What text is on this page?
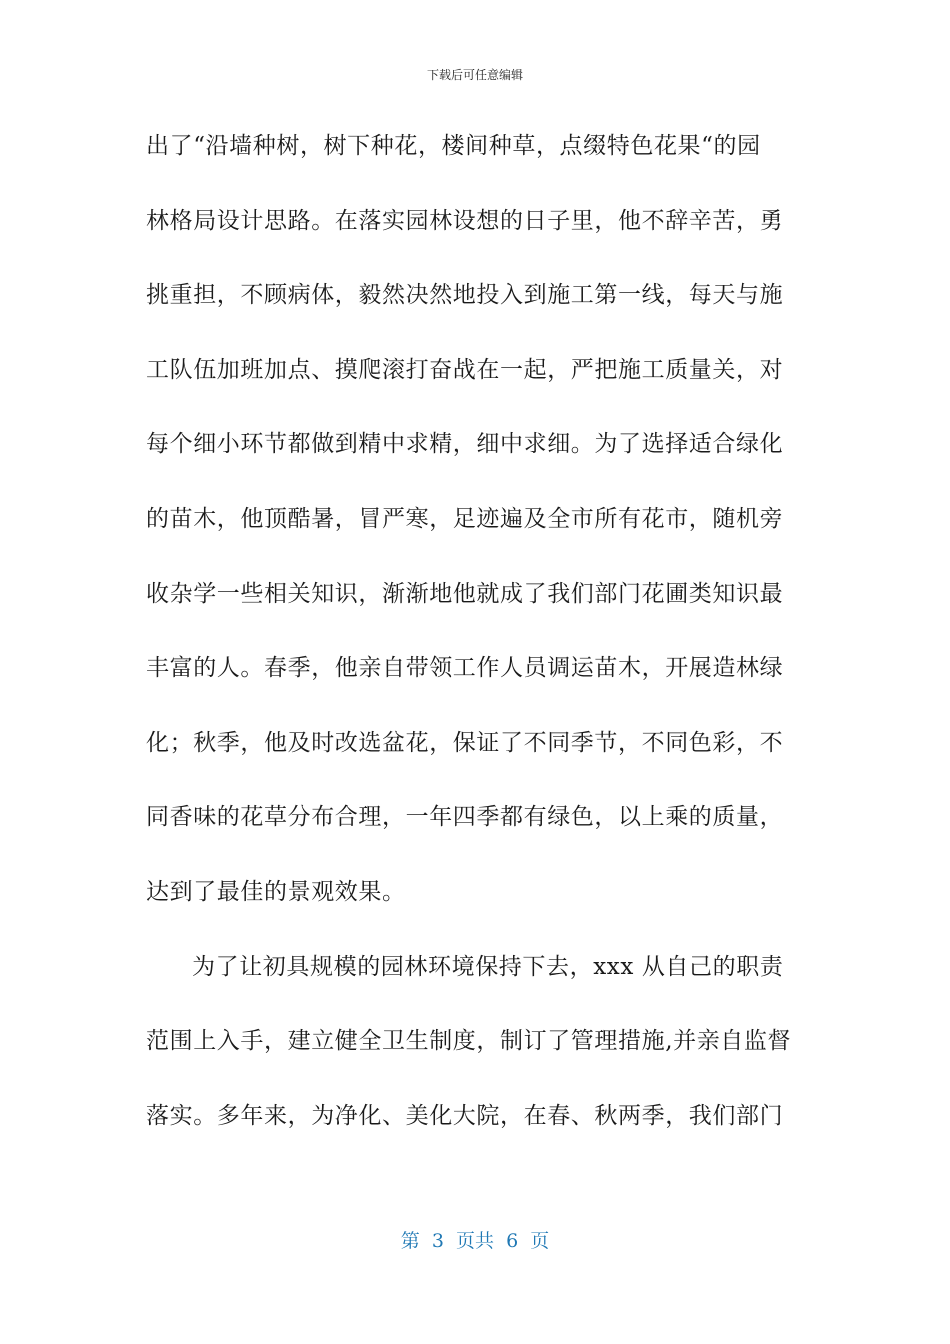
下载后可任意编辑
出了“沿墙种树，树下种花，楼间种草，点缀特色花果“的园
林格局设计思路。在落实园林设想的日子里，他不辞辛苦，勇
挑重担，不顾病体，毅然决然地投入到施工第一线，每天与施
工队伍加班加点、摸爬滚打奋战在一起，严把施工质量关，对
每个细小环节都做到精中求精，细中求细。为了选择适合绿化
的苗木，他顶酷暑，冒严寒，足迹遍及全市所有花市，随机旁
收杂学一些相关知识，渐渐地他就成了我们部门花圃类知识最
丰富的人。春季，他亲自带领工作人员调运苗木，开展造林绿
化；秋季，他及时改选盆花，保证了不同季节，不同色彩，不
同香味的花草分布合理，一年四季都有绿色，以上乘的质量，
达到了最佳的景观效果。
为了让初具规模的园林环境保持下去，xxx 从自己的职责
范围上入手，建立健全卫生制度，制订了管理措施,并亲自监督
落实。多年来，为净化、美化大院，在春、秋两季，我们部门
第  3  页共  6  页
